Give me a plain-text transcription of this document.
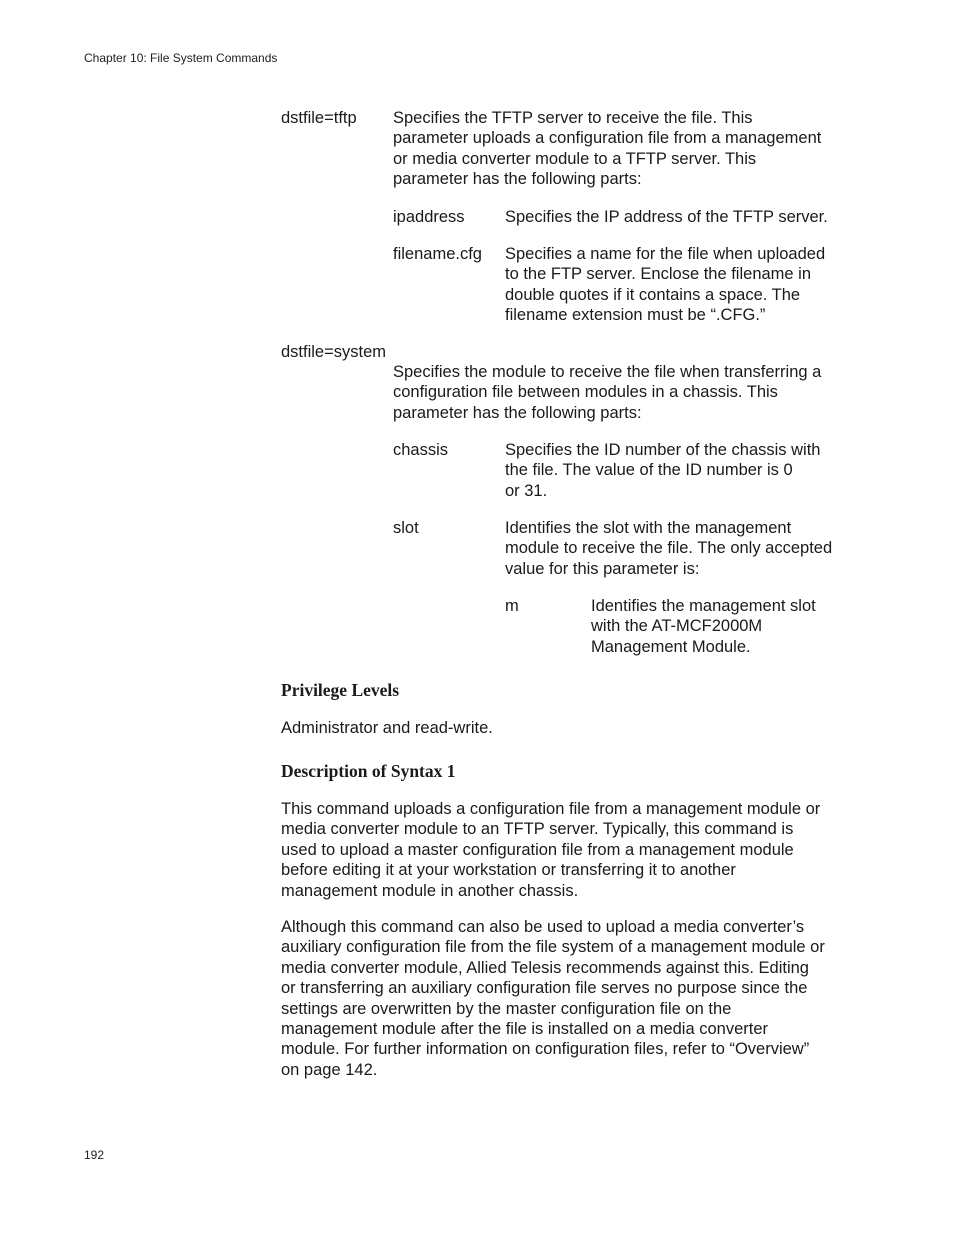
Chapter 10: File System Commands
dstfile=tftp Specifies the TFTP server to receive the file. This
parameter uploads a configuration file from a management
or media converter module to a TFTP server. This
parameter has the following parts:
ipaddress Specifies the IP address of the TFTP server.
filename.cfg Specifies a name for the file when uploaded
to the FTP server. Enclose the filename in
double quotes if it contains a space. The
filename extension must be “.CFG.”
dstfile=system
Specifies the module to receive the file when transferring a
configuration file between modules in a chassis. This
parameter has the following parts:
chassis	Specifies the ID number of the chassis with
the file. The value of the ID number is 0
or 31.
slot	Identifies the slot with the management
module to receive the file. The only accepted
value for this parameter is:
m	Identifies the management slot
with the AT-MCF2000M
Management Module.
Privilege Levels
Administrator and read-write.
Description of Syntax 1
This command uploads a configuration file from a management module or
media converter module to an TFTP server. Typically, this command is
used to upload a master configuration file from a management module
before editing it at your workstation or transferring it to another
management module in another chassis.
Although this command can also be used to upload a media converter’s
auxiliary configuration file from the file system of a management module or
media converter module, Allied Telesis recommends against this. Editing
or transferring an auxiliary configuration file serves no purpose since the
settings are overwritten by the master configuration file on the
management module after the file is installed on a media converter
module. For further information on configuration files, refer to “Overview”
on page 142.
192
